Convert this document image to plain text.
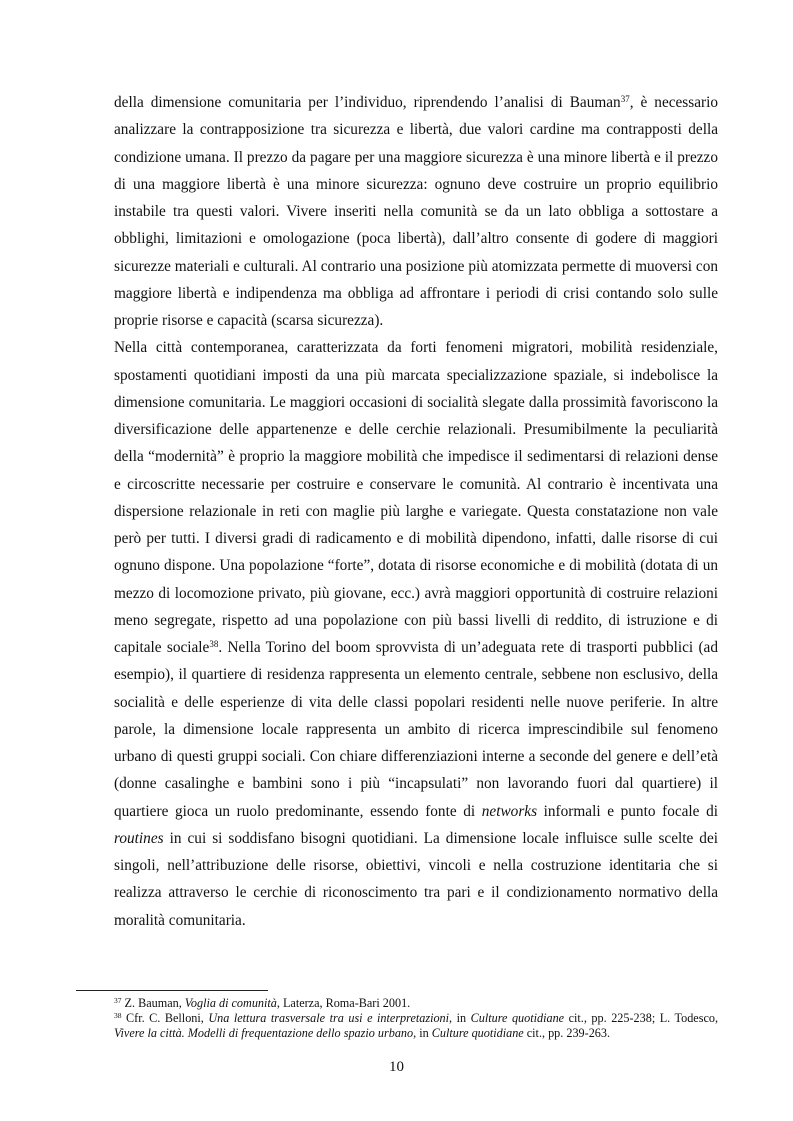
della dimensione comunitaria per l’individuo, riprendendo l’analisi di Bauman$^{37}$, è necessario analizzare la contrapposizione tra sicurezza e libertà, due valori cardine ma contrapposti della condizione umana. Il prezzo da pagare per una maggiore sicurezza è una minore libertà e il prezzo di una maggiore libertà è una minore sicurezza: ognuno deve costruire un proprio equilibrio instabile tra questi valori. Vivere inseriti nella comunità se da un lato obbliga a sottostare a obblighi, limitazioni e omologazione (poca libertà), dall’altro consente di godere di maggiori sicurezze materiali e culturali. Al contrario una posizione più atomizzata permette di muoversi con maggiore libertà e indipendenza ma obbliga ad affrontare i periodi di crisi contando solo sulle proprie risorse e capacità (scarsa sicurezza).

Nella città contemporanea, caratterizzata da forti fenomeni migratori, mobilità residenziale, spostamenti quotidiani imposti da una più marcata specializzazione spaziale, si indebolisce la dimensione comunitaria. Le maggiori occasioni di socialità slegate dalla prossimità favoriscono la diversificazione delle appartenenze e delle cerchie relazionali. Presumibilmente la peculiarità della “modernità” è proprio la maggiore mobilità che impedisce il sedimentarsi di relazioni dense e circoscritte necessarie per costruire e conservare le comunità. Al contrario è incentivata una dispersione relazionale in reti con maglie più larghe e variegate. Questa constatazione non vale però per tutti. I diversi gradi di radicamento e di mobilità dipendono, infatti, dalle risorse di cui ognuno dispone. Una popolazione “forte”, dotata di risorse economiche e di mobilità (dotata di un mezzo di locomozione privato, più giovane, ecc.) avrà maggiori opportunità di costruire relazioni meno segregate, rispetto ad una popolazione con più bassi livelli di reddito, di istruzione e di capitale sociale$^{38}$. Nella Torino del boom sprovvista di un’adeguata rete di trasporti pubblici (ad esempio), il quartiere di residenza rappresenta un elemento centrale, sebbene non esclusivo, della socialità e delle esperienze di vita delle classi popolari residenti nelle nuove periferie. In altre parole, la dimensione locale rappresenta un ambito di ricerca imprescindibile sul fenomeno urbano di questi gruppi sociali. Con chiare differenziazioni interne a seconde del genere e dell’età (donne casalinghe e bambini sono i più “incapsulati” non lavorando fuori dal quartiere) il quartiere gioca un ruolo predominante, essendo fonte di networks informali e punto focale di routines in cui si soddisfano bisogni quotidiani. La dimensione locale influisce sulle scelte dei singoli, nell’attribuzione delle risorse, obiettivi, vincoli e nella costruzione identitaria che si realizza attraverso le cerchie di riconoscimento tra pari e il condizionamento normativo della moralità comunitaria.

$^{37}$ Z. Bauman, Voglia di comunità, Laterza, Roma-Bari 2001.

$^{38}$ Cfr. C. Belloni, Una lettura trasversale tra usi e interpretazioni, in Culture quotidiane cit., pp. 225-238; L. Todesco, Vivere la città. Modelli di frequentazione dello spazio urbano, in Culture quotidiane cit., pp. 239-263.

10
